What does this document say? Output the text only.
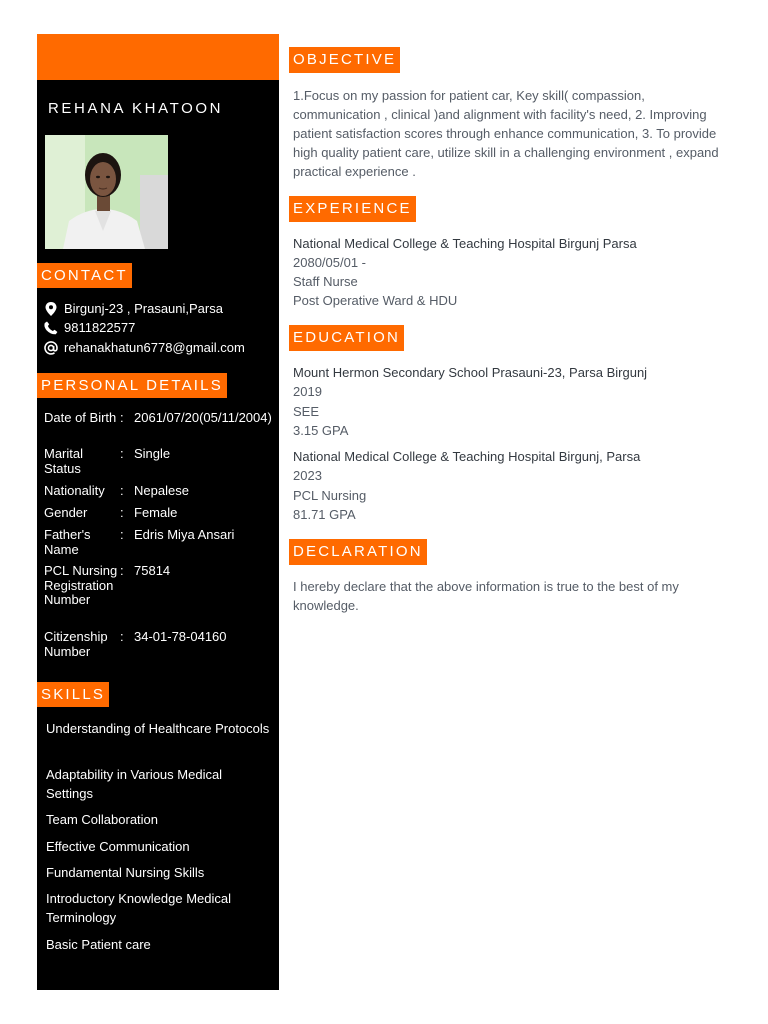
REHANA KHATOON
CONTACT
Birgunj-23 , Prasauni,Parsa
9811822577
rehanakhatun6778@gmail.com
PERSONAL DETAILS
Date of Birth : 2061/07/20(05/11/2004)
Marital Status
: Single
Nationality	: Nepalese
Gender	: Female
Father's Name
: Edris Miya Ansari
PCL Nursing Registration Number
: 75814
Citizenship Number
: 34-01-78-04160
SKILLS
Understanding of Healthcare Protocols
Adaptability in Various Medical Settings
Team Collaboration
Effective Communication
Fundamental Nursing Skills
Introductory Knowledge Medical Terminology
Basic Patient care
OBJECTIVE
1.Focus on my passion for patient car, Key skill( compassion, communication , clinical )and alignment with facility's need, 2. Improving patient satisfaction scores through enhance communication, 3. To provide high quality patient care, utilize skill in a challenging environment , expand practical experience .
EXPERIENCE
National Medical College & Teaching Hospital Birgunj Parsa
2080/05/01 -
Staff Nurse
Post Operative Ward & HDU
EDUCATION
Mount Hermon Secondary School Prasauni-23, Parsa Birgunj
2019
SEE
3.15 GPA
National Medical College & Teaching Hospital Birgunj, Parsa
2023
PCL Nursing
81.71 GPA
DECLARATION
I hereby declare that the above information is true to the best of my knowledge.
